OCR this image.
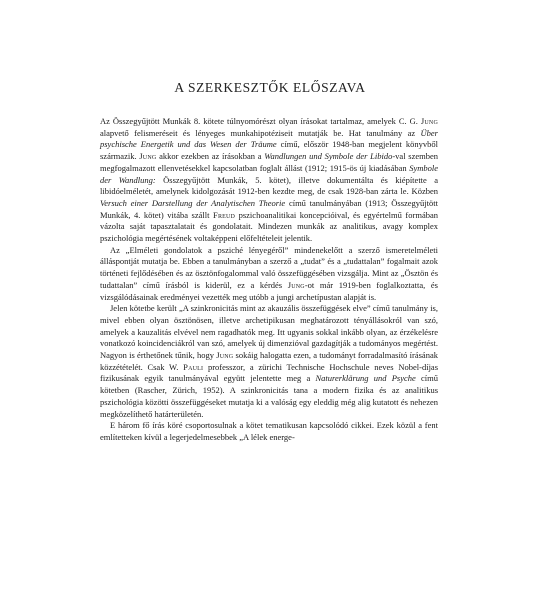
A SZERKESZTŐK ELŐSZAVA

Az Összegyűjtött Munkák 8. kötete túlnyomórészt olyan írásokat tartalmaz, amelyek C. G. Jung alapvető felismeréseit és lényeges munkahipotéziseit mutatják be. Hat tanulmány az Über psychische Energetik und das Wesen der Träume című, először 1948-ban megjelent könyvből származik. Jung akkor ezekben az írásokban a Wandlungen und Symbole der Libido-val szemben megfogalmazott ellenvetésekkel kapcsolatban foglalt állást (1912; 1915-ös új kiadásában Symbole der Wandlung: Összegyűjtött Munkák, 5. kötet), illetve dokumentálta és kiépítette a libidóelméletét, amelynek kidolgozását 1912-ben kezdte meg, de csak 1928-ban zárta le. Közben Versuch einer Darstellung der Analytischen Theorie című tanulmányában (1913; Összegyűjtött Munkák, 4. kötet) vitába szállt Freud pszichoanalitikai koncepcióival, és egyértelmű formában vázolta saját tapasztalatait és gondolatait. Mindezen munkák az analitikus, avagy komplex pszichológia megértésének voltaképpeni előfeltételeit jelentik.

Az „Elméleti gondolatok a psziché lényegéről” mindenekelőtt a szerző ismeretelméleti álláspontját mutatja be. Ebben a tanulmányban a szerző a „tudat” és a „tudattalan” fogalmait azok történeti fejlődésében és az ösztönfogalommal való összefüggésében vizsgálja. Mint az „Ösztön és tudattalan” című írásból is kiderül, ez a kérdés Jung-ot már 1919-ben foglalkoztatta, és vizsgálódásainak eredményei vezették meg utóbb a jungi archetípustan alapját is.

Jelen kötetbe került „A szinkronicitás mint az akauzális összefüggések elve” című tanulmány is, mivel ebben olyan ösztönösen, illetve archetipikusan meghatározott tényállásokról van szó, amelyek a kauzalitás elvével nem ragadhatók meg. Itt ugyanis sokkal inkább olyan, az érzékelésre vonatkozó koincidenciákról van szó, amelyek új dimenzióval gazdagítják a tudományos megértést. Nagyon is érthetőnek tűnik, hogy Jung sokáig halogatta ezen, a tudományt forradalmasító írásának közzétételét. Csak W. Pauli professzor, a zürichi Technische Hochschule neves Nobel-díjas fizikusának egyik tanulmányával együtt jelentette meg a Naturerklärung und Psyche című kötetben (Rascher, Zürich, 1952). A szinkronicitás tana a modern fizika és az analitikus pszichológia közötti összefüggéseket mutatja ki a valóság egy eleddig még alig kutatott és nehezen megközelíthető határterületén.

E három fő írás köré csoportosulnak a kötet tematikusan kapcsolódó cikkei. Ezek közül a fent említetteken kívül a legerjedelmesebbek „A lélek energe-
